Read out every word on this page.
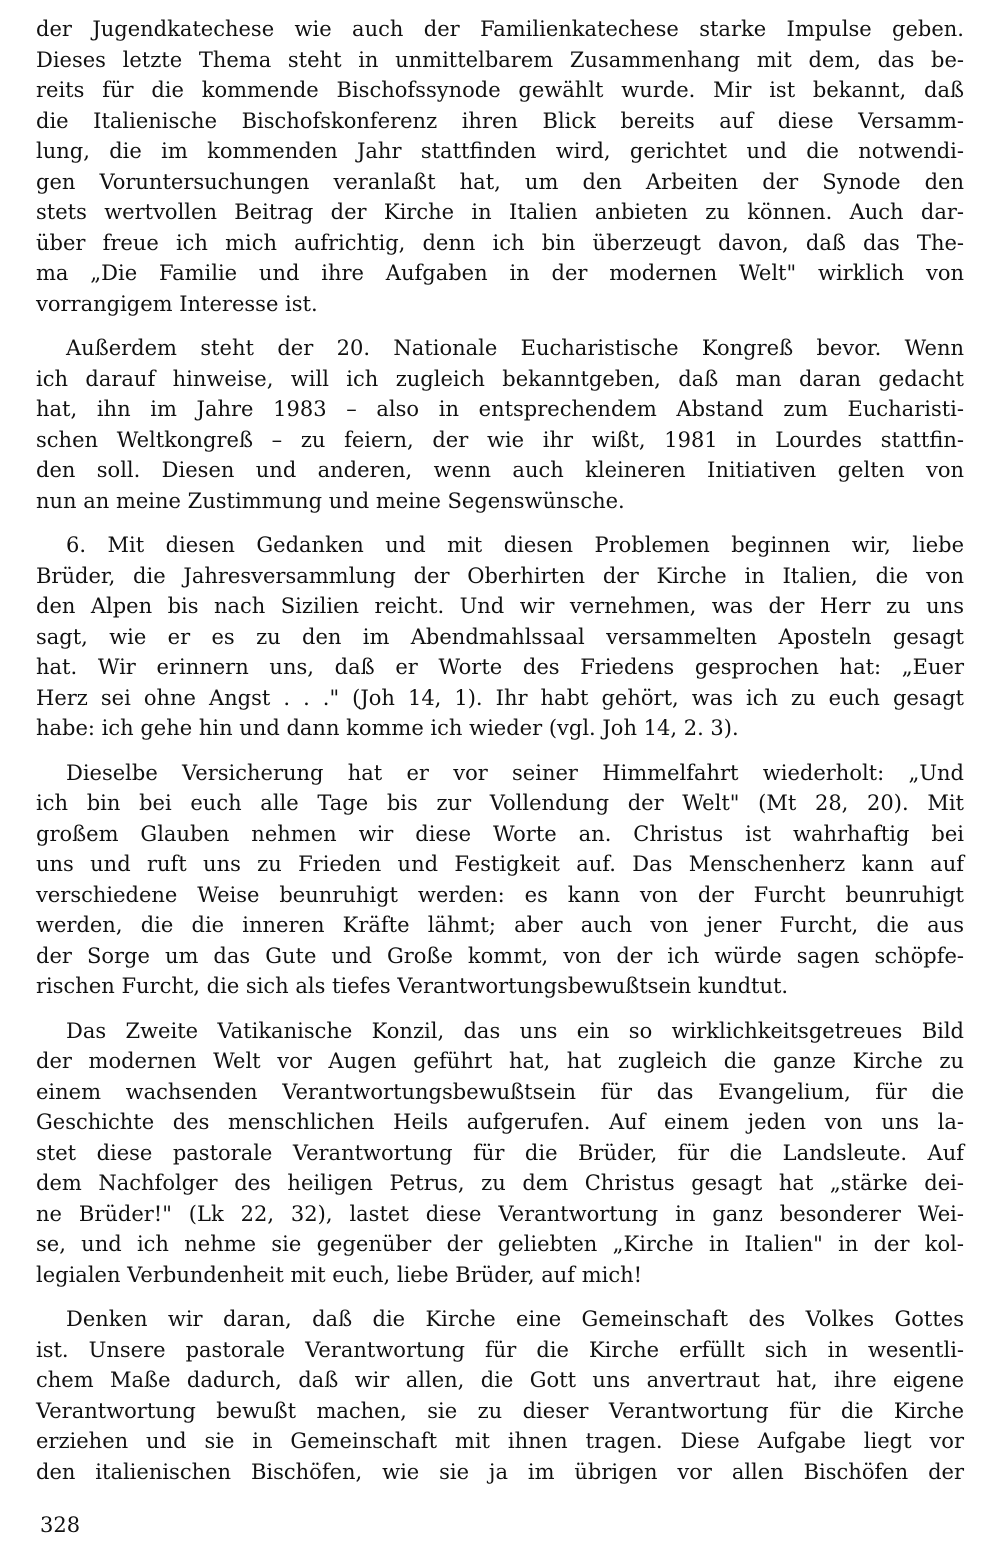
der Jugendkatechese wie auch der Familienkatechese starke Impulse geben.
Dieses letzte Thema steht in unmittelbarem Zusammenhang mit dem, das be-
reits für die kommende Bischofssynode gewählt wurde. Mir ist bekannt, daß
die Italienische Bischofskonferenz ihren Blick bereits auf diese Versamm-
lung, die im kommenden Jahr stattfinden wird, gerichtet und die notwendi-
gen Voruntersuchungen veranlaßt hat, um den Arbeiten der Synode den
stets wertvollen Beitrag der Kirche in Italien anbieten zu können. Auch dar-
über freue ich mich aufrichtig, denn ich bin überzeugt davon, daß das The-
ma „Die Familie und ihre Aufgaben in der modernen Welt" wirklich von
vorrangigem Interesse ist.
Außerdem steht der 20. Nationale Eucharistische Kongreß bevor. Wenn
ich darauf hinweise, will ich zugleich bekanntgeben, daß man daran gedacht
hat, ihn im Jahre 1983 – also in entsprechendem Abstand zum Eucharisti-
schen Weltkongreß – zu feiern, der wie ihr wißt, 1981 in Lourdes stattfin-
den soll. Diesen und anderen, wenn auch kleineren Initiativen gelten von
nun an meine Zustimmung und meine Segenswünsche.
6. Mit diesen Gedanken und mit diesen Problemen beginnen wir, liebe
Brüder, die Jahresversammlung der Oberhirten der Kirche in Italien, die von
den Alpen bis nach Sizilien reicht. Und wir vernehmen, was der Herr zu uns
sagt, wie er es zu den im Abendmahlssaal versammelten Aposteln gesagt
hat. Wir erinnern uns, daß er Worte des Friedens gesprochen hat: „Euer
Herz sei ohne Angst . . ." (Joh 14, 1). Ihr habt gehört, was ich zu euch gesagt
habe: ich gehe hin und dann komme ich wieder (vgl. Joh 14, 2. 3).
Dieselbe Versicherung hat er vor seiner Himmelfahrt wiederholt: „Und
ich bin bei euch alle Tage bis zur Vollendung der Welt" (Mt 28, 20). Mit
großem Glauben nehmen wir diese Worte an. Christus ist wahrhaftig bei
uns und ruft uns zu Frieden und Festigkeit auf. Das Menschenherz kann auf
verschiedene Weise beunruhigt werden: es kann von der Furcht beunruhigt
werden, die die inneren Kräfte lähmt; aber auch von jener Furcht, die aus
der Sorge um das Gute und Große kommt, von der ich würde sagen schöpfe-
rischen Furcht, die sich als tiefes Verantwortungsbewußtsein kundtut.
Das Zweite Vatikanische Konzil, das uns ein so wirklichkeitsgetreues Bild
der modernen Welt vor Augen geführt hat, hat zugleich die ganze Kirche zu
einem wachsenden Verantwortungsbewußtsein für das Evangelium, für die
Geschichte des menschlichen Heils aufgerufen. Auf einem jeden von uns la-
stet diese pastorale Verantwortung für die Brüder, für die Landsleute. Auf
dem Nachfolger des heiligen Petrus, zu dem Christus gesagt hat „stärke dei-
ne Brüder!" (Lk 22, 32), lastet diese Verantwortung in ganz besonderer Wei-
se, und ich nehme sie gegenüber der geliebten „Kirche in Italien" in der kol-
legialen Verbundenheit mit euch, liebe Brüder, auf mich!
Denken wir daran, daß die Kirche eine Gemeinschaft des Volkes Gottes
ist. Unsere pastorale Verantwortung für die Kirche erfüllt sich in wesentli-
chem Maße dadurch, daß wir allen, die Gott uns anvertraut hat, ihre eigene
Verantwortung bewußt machen, sie zu dieser Verantwortung für die Kirche
erziehen und sie in Gemeinschaft mit ihnen tragen. Diese Aufgabe liegt vor
den italienischen Bischöfen, wie sie ja im übrigen vor allen Bischöfen der
328
